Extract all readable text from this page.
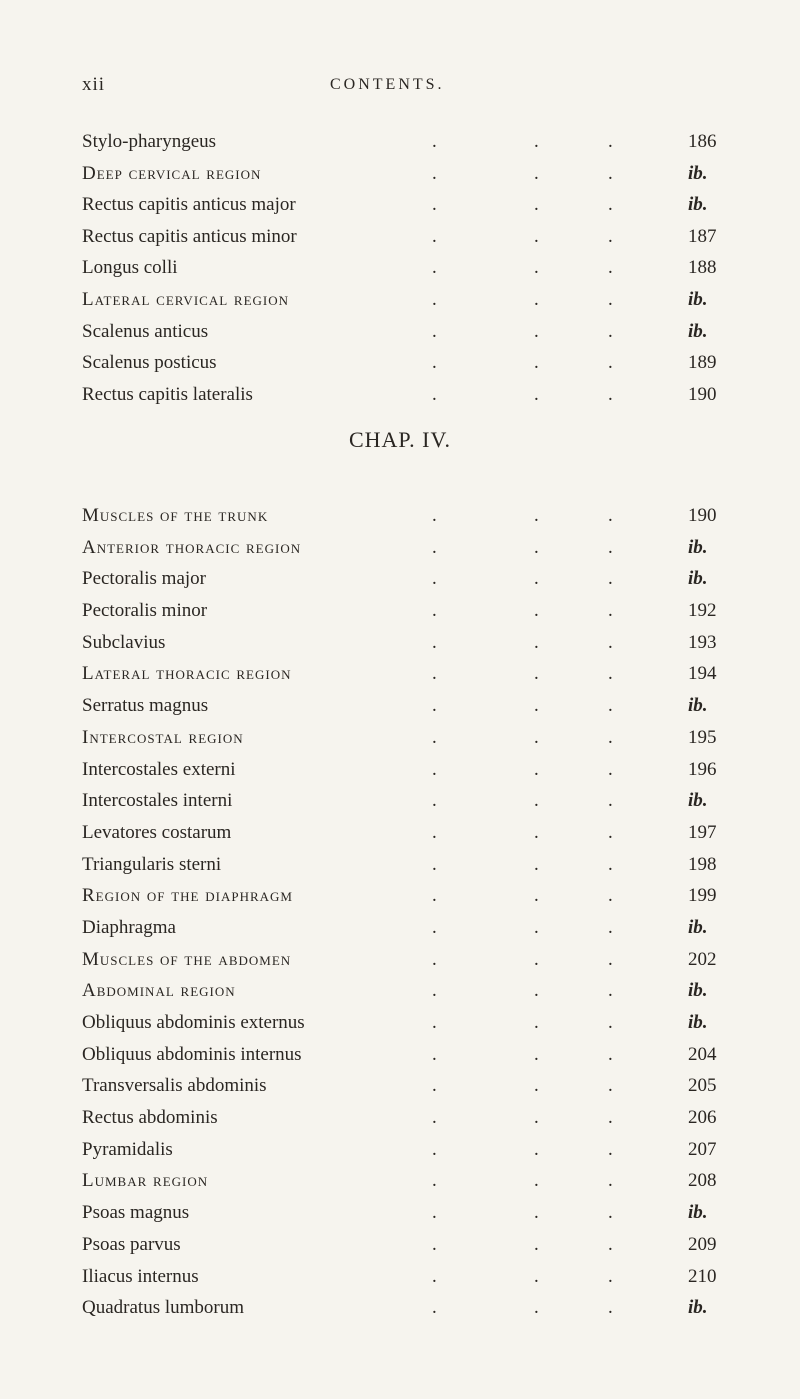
xii	CONTENTS.
Stylo-pharyngeus	.	.	.	186
Deep cervical region	.	.	.	ib.
Rectus capitis anticus major	.	.	.	ib.
Rectus capitis anticus minor	.	.	.	187
Longus colli	.	.	.	188
Lateral cervical region	.	.	.	ib.
Scalenus anticus	.	.	.	ib.
Scalenus posticus	.	.	.	189
Rectus capitis lateralis	.	.	.	190
CHAP. IV.
Muscles of the trunk	.	.	.	190
Anterior thoracic region	.	.	.	ib.
Pectoralis major	.	.	.	ib.
Pectoralis minor	.	.	.	192
Subclavius	.	.	.	193
Lateral thoracic region	.	.	.	194
Serratus magnus	.	.	.	ib.
Intercostal region	.	.	.	195
Intercostales externi	.	.	.	196
Intercostales interni	.	.	.	ib.
Levatores costarum	.	.	.	197
Triangularis sterni	.	.	.	198
Region of the diaphragm	.	.	.	199
Diaphragma	.	.	.	ib.
Muscles of the abdomen	.	.	.	202
Abdominal region	.	.	.	ib.
Obliquus abdominis externus	.	.	.	ib.
Obliquus abdominis internus	.	.	.	204
Transversalis abdominis	.	.	.	205
Rectus abdominis	.	.	.	206
Pyramidalis	.	.	.	207
Lumbar region	.	.	.	208
Psoas magnus	.	.	.	ib.
Psoas parvus	.	.	.	209
Iliacus internus	.	.	.	210
Quadratus lumborum	.	.	.	ib.
